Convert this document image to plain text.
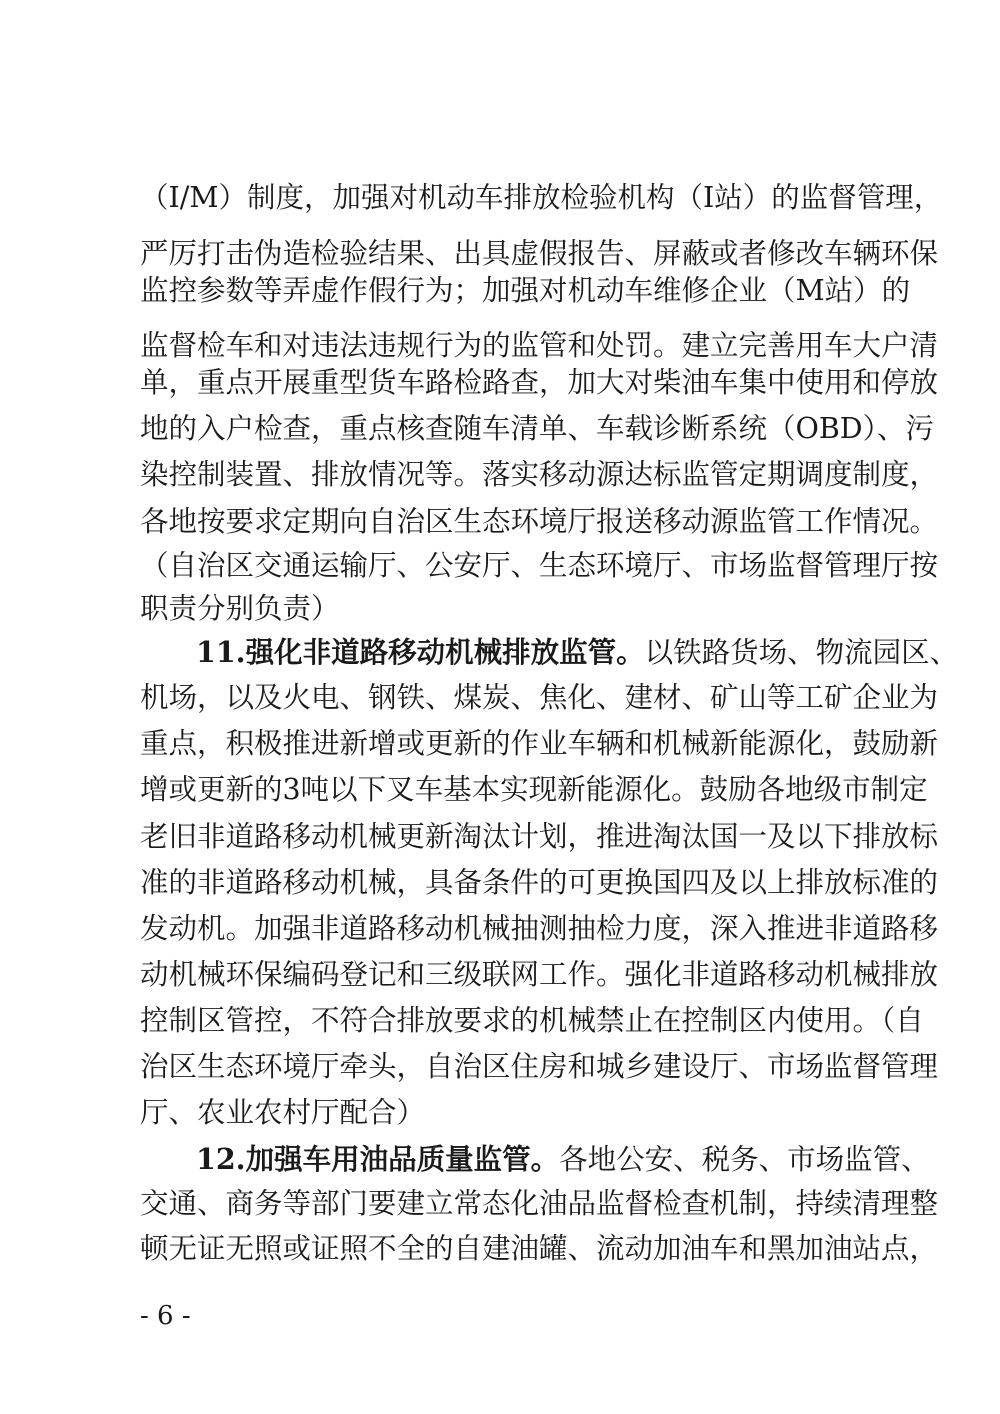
（I/M）制度，加强对机动车排放检验机构（I站）的监督管理，
严厉打击伪造检验结果、出具虚假报告、屏蔽或者修改车辆环保
监控参数等弄虚作假行为；加强对机动车维修企业（M站）的
监督检车和对违法违规行为的监管和处罚。建立完善用车大户清
单，重点开展重型货车路检路查，加大对柴油车集中使用和停放
地的入户检查，重点核查随车清单、车载诊断系统（OBD）、污
染控制装置、排放情况等。落实移动源达标监管定期调度制度，
各地按要求定期向自治区生态环境厅报送移动源监管工作情况。
（自治区交通运输厅、公安厅、生态环境厅、市场监督管理厅按
职责分别负责）
11.强化非道路移动机械排放监管。以铁路货场、物流园区、
机场，以及火电、钢铁、煤炭、焦化、建材、矿山等工矿企业为
重点，积极推进新增或更新的作业车辆和机械新能源化，鼓励新
增或更新的3吨以下叉车基本实现新能源化。鼓励各地级市制定
老旧非道路移动机械更新淘汰计划，推进淘汰国一及以下排放标
准的非道路移动机械，具备条件的可更换国四及以上排放标准的
发动机。加强非道路移动机械抽测抽检力度，深入推进非道路移
动机械环保编码登记和三级联网工作。强化非道路移动机械排放
控制区管控，不符合排放要求的机械禁止在控制区内使用。（自
治区生态环境厅牵头，自治区住房和城乡建设厅、市场监督管理
厅、农业农村厅配合）
12.加强车用油品质量监管。各地公安、税务、市场监管、
交通、商务等部门要建立常态化油品监督检查机制，持续清理整
顿无证无照或证照不全的自建油罐、流动加油车和黑加油站点，
- 6 -
